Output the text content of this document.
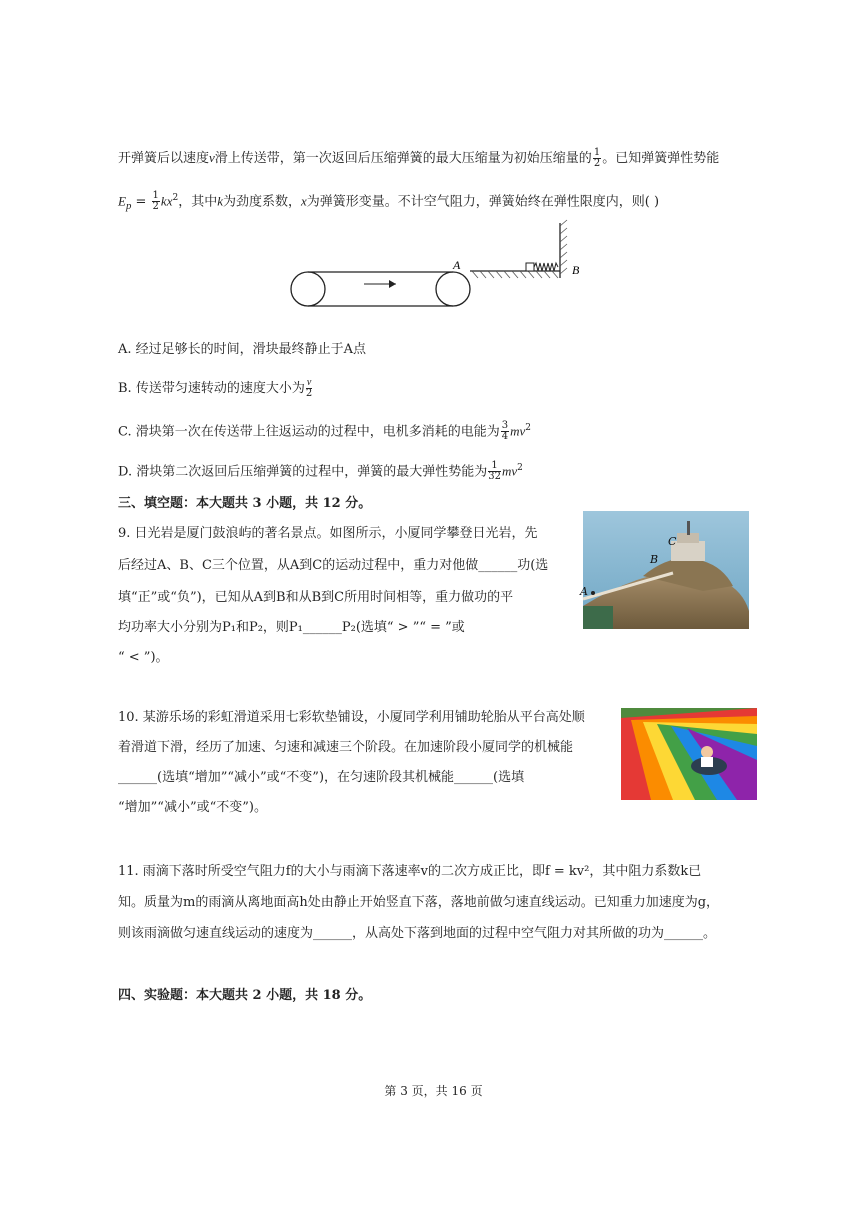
开弹簧后以速度v滑上传送带，第一次返回后压缩弹簧的最大压缩量为初始压缩量的 $\frac{1}{2}$ 。已知弹簧弹性势能
$E_p = \frac{1}{2} kx^2$，其中k为劲度系数，x为弹簧形变量。不计空气阻力，弹簧始终在弹性限度内，则( )
A	B
A. 经过足够长的时间，滑块最终静止于A点
B. 传送带匀速转动的速度大小为 $\frac{v}{2}$
C. 滑块第一次在传送带上往返运动的过程中，电机多消耗的电能为 $\frac{3}{4} mv^2$
D. 滑块第二次返回后压缩弹簧的过程中，弹簧的最大弹性势能为 $\frac{1}{32} mv^2$
三、填空题：本大题共 3 小题，共 12 分。
9. 日光岩是厦门鼓浪屿的著名景点。如图所示，小厦同学攀登日光岩，先
后经过A、B、C三个位置，从A到C的运动过程中，重力对他做______功(选
填“正”或“负”)，已知从A到B和从B到C所用时间相等，重力做功的平
均功率大小分别为P₁和P₂，则P₁______P₂(选填“ > ”“ = ”或
“ < ”)。
C
B
A
10. 某游乐场的彩虹滑道采用七彩软垫铺设，小厦同学利用铺助轮胎从平台高处顺
着滑道下滑，经历了加速、匀速和减速三个阶段。在加速阶段小厦同学的机械能
______(选填“增加”“减小”或“不变”)，在匀速阶段其机械能______(选填
“增加”“减小”或“不变”)。
11. 雨滴下落时所受空气阻力f的大小与雨滴下落速率v的二次方成正比，即f = kv²，其中阻力系数k已
知。质量为m的雨滴从离地面高h处由静止开始竖直下落，落地前做匀速直线运动。已知重力加速度为g，
则该雨滴做匀速直线运动的速度为______，从高处下落到地面的过程中空气阻力对其所做的功为______。
四、实验题：本大题共 2 小题，共 18 分。
第 3 页，共 16 页
